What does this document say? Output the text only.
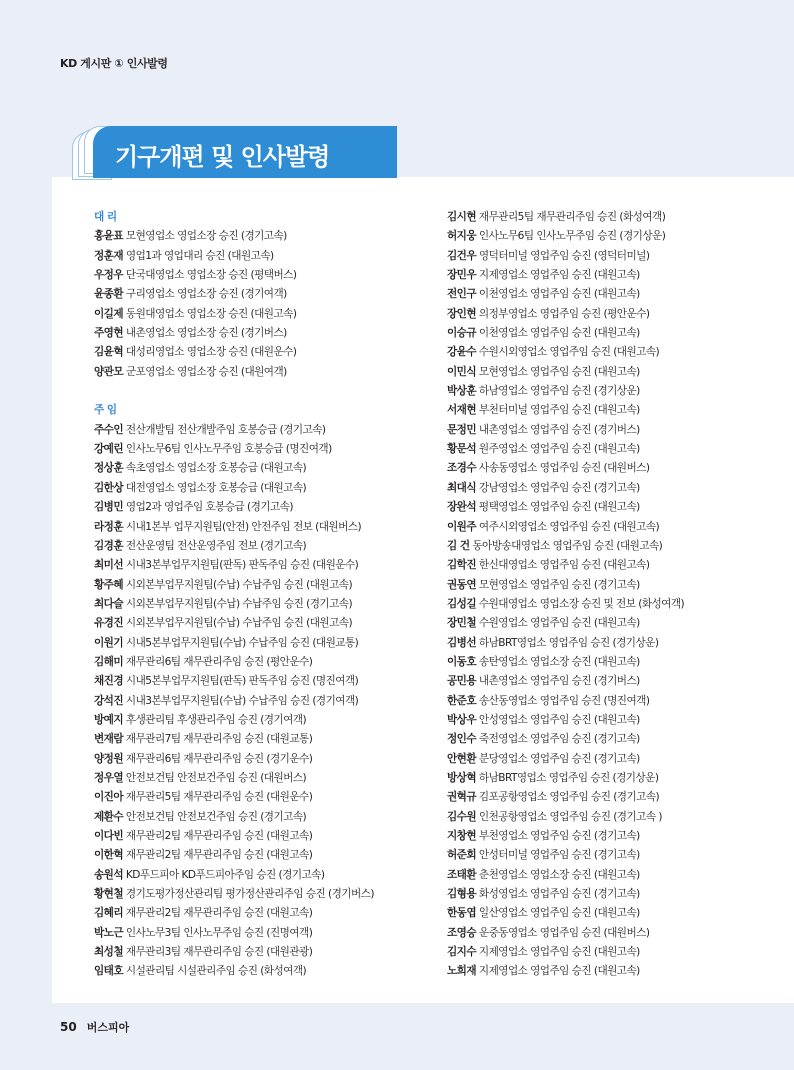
KD 게시판 ① 인사발령
기구개편 및 인사발령
대 리
홍윤표 모현영업소 영업소장 승진 (경기고속)
정훈재 영업1과 영업대리 승진 (대원고속)
우정우 단국대영업소 영업소장 승진 (평택버스)
윤종환 구리영업소 영업소장 승진 (경기여객)
이길제 동원대영업소 영업소장 승진 (대원고속)
주영현 내촌영업소 영업소장 승진 (경기버스)
김윤혁 대성리영업소 영업소장 승진 (대원운수)
양관모 군포영업소 영업소장 승진 (대원여객)
주 임
주수인 전산개발팀 전산개발주임 호봉승급 (경기고속)
강예린 인사노무6팀 인사노무주임 호봉승급 (명진여객)
정상훈 속초영업소 영업소장 호봉승급 (대원고속)
김한상 대전영업소 영업소장 호봉승급 (대원고속)
김병민 영업2과 영업주임 호봉승급 (경기고속)
라정훈 시내1본부 업무지원팀(안전) 안전주임 전보 (대원버스)
김경훈 전산운영팀 전산운영주임 전보 (경기고속)
최미선 시내3본부업무지원팀(판독) 판독주임 승진 (대원운수)
황주혜 시외본부업무지원팀(수납) 수납주임 승진 (대원고속)
최다슬 시외본부업무지원팀(수납) 수납주임 승진 (경기고속)
유경진 시외본부업무지원팀(수납) 수납주임 승진 (대원고속)
이원기 시내5본부업무지원팀(수납) 수납주임 승진 (대원교통)
김해미 재무관리6팀 재무관리주임 승진 (평안운수)
채진경 시내5본부업무지원팀(판독) 판독주임 승진 (명진여객)
강석진 시내3본부업무지원팀(수납) 수납주임 승진 (경기여객)
방예지 후생관리팀 후생관리주임 승진 (경기여객)
변재람 재무관리7팀 재무관리주임 승진 (대원교통)
양정원 재무관리6팀 재무관리주임 승진 (경기운수)
정우열 안전보건팀 안전보건주임 승진 (대원버스)
이진아 재무관리5팀 재무관리주임 승진 (대원운수)
제환수 안전보건팀 안전보건주임 승진 (경기고속)
이다빈 재무관리2팀 재무관리주임 승진 (대원고속)
이한혁 재무관리2팀 재무관리주임 승진 (대원고속)
송원석 KD푸드피아 KD푸드피아주임 승진 (경기고속)
황현철 경기도평가정산관리팀 평가정산관리주임 승진 (경기버스)
김혜리 재무관리2팀 재무관리주임 승진 (대원고속)
박노근 인사노무3팀 인사노무주임 승진 (진명여객)
최성철 재무관리3팀 재무관리주임 승진 (대원관광)
임태호 시설관리팀 시설관리주임 승진 (화성여객)
김시현 재무관리5팀 재무관리주임 승진 (화성여객)
허지웅 인사노무6팀 인사노무주임 승진 (경기상운)
김건우 영덕터미널 영업주임 승진 (영덕터미널)
장민우 지제영업소 영업주임 승진 (대원고속)
전인구 이천영업소 영업주임 승진 (대원고속)
장인현 의정부영업소 영업주임 승진 (평안운수)
이승규 이천영업소 영업주임 승진 (대원고속)
강윤수 수원시외영업소 영업주임 승진 (대원고속)
이민식 모현영업소 영업주임 승진 (대원고속)
박상훈 하남영업소 영업주임 승진 (경기상운)
서재현 부천터미널 영업주임 승진 (대원고속)
문정민 내촌영업소 영업주임 승진 (경기버스)
황문석 원주영업소 영업주임 승진 (대원고속)
조경수 사송동영업소 영업주임 승진 (대원버스)
최대식 강남영업소 영업주임 승진 (경기고속)
장완석 평택영업소 영업주임 승진 (대원고속)
이원주 여주시외영업소 영업주임 승진 (대원고속)
김 건 동아방송대영업소 영업주임 승진 (대원고속)
김학진 한신대영업소 영업주임 승진 (대원고속)
권동연 모현영업소 영업주임 승진 (경기고속)
김성길 수원대영업소 영업소장 승진 및 전보 (화성여객)
장민철 수원영업소 영업주임 승진 (대원고속)
김병선 하남BRT영업소 영업주임 승진 (경기상운)
이동호 송탄영업소 영업소장 승진 (대원고속)
공민용 내촌영업소 영업주임 승진 (경기버스)
한준호 송산동영업소 영업주임 승진 (명진여객)
박상우 안성영업소 영업주임 승진 (대원고속)
정인수 죽전영업소 영업주임 승진 (경기고속)
안현환 분당영업소 영업주임 승진 (경기고속)
방상혁 하남BRT영업소 영업주임 승진 (경기상운)
권혁규 김포공항영업소 영업주임 승진 (경기고속)
김수원 인천공항영업소 영업주임 승진 (경기고속 )
지창현 부천영업소 영업주임 승진 (경기고속)
허준회 안성터미널 영업주임 승진 (경기고속)
조태환 춘천영업소 영업소장 승진 (대원고속)
김형용 화성영업소 영업주임 승진 (경기고속)
한동엽 일산영업소 영업주임 승진 (대원고속)
조영승 운중동영업소 영업주임 승진 (대원버스)
김지수 지제영업소 영업주임 승진 (대원고속)
노희재 지제영업소 영업주임 승진 (대원고속)
50 버스피아
